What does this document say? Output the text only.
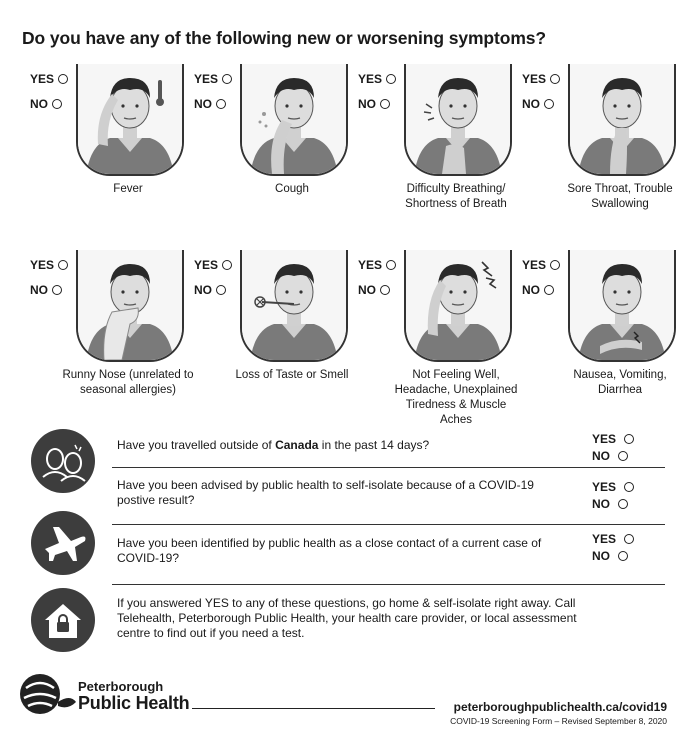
Do you have any of the following new or worsening symptoms?
YES
NO
Fever
YES
NO
Cough
YES
NO
Difficulty Breathing/ Shortness of Breath
YES
NO
Sore Throat, Trouble Swallowing
YES
NO
Runny Nose (unrelated to seasonal allergies)
YES
NO
Loss of Taste or Smell
YES
NO
Not Feeling Well, Headache, Unexplained Tiredness & Muscle Aches
YES
NO
Nausea, Vomiting, Diarrhea
Have you travelled outside of Canada in the past 14 days?	YES
NO
Have you been advised by public health to self-isolate because of a COVID-19 postive result?
YES
NO
Have you been identified by public health as a close contact of a current case of COVID-19?
YES
NO
If you answered YES to any of these questions, go home & self-isolate right away. Call Telehealth, Peterborough Public Health, your health care provider, or local assessment centre to find out if you need a test.
Peterborough
Public Health	peterboroughpublichealth.ca/covid19
COVID-19 Screening Form – Revised September 8, 2020
